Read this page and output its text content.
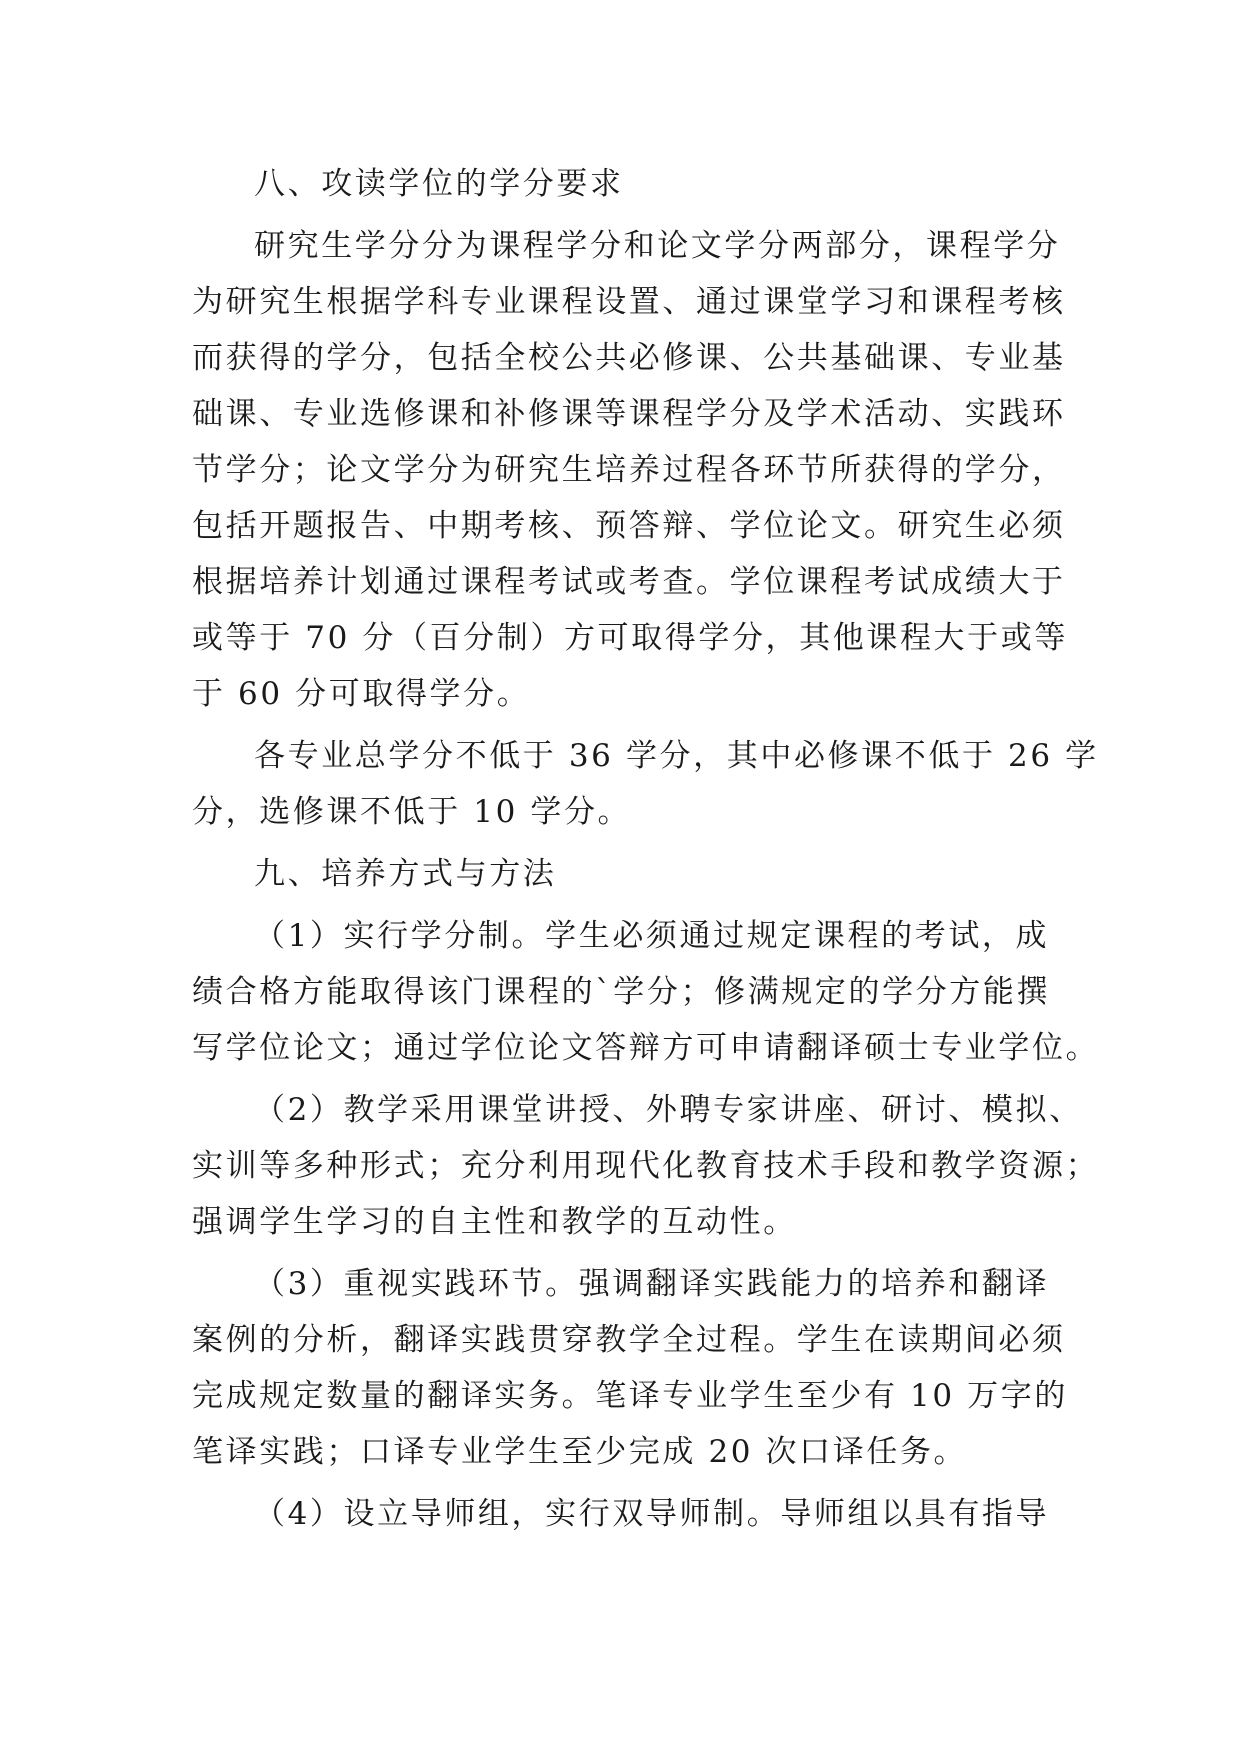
八、攻读学位的学分要求
研究生学分分为课程学分和论文学分两部分，课程学分
为研究生根据学科专业课程设置、通过课堂学习和课程考核
而获得的学分，包括全校公共必修课、公共基础课、专业基
础课、专业选修课和补修课等课程学分及学术活动、实践环
节学分；论文学分为研究生培养过程各环节所获得的学分，
包括开题报告、中期考核、预答辩、学位论文。研究生必须
根据培养计划通过课程考试或考查。学位课程考试成绩大于
或等于 70 分（百分制）方可取得学分，其他课程大于或等
于 60 分可取得学分。
各专业总学分不低于 36 学分，其中必修课不低于 26 学
分，选修课不低于 10 学分。
九、培养方式与方法
（1）实行学分制。学生必须通过规定课程的考试，成
绩合格方能取得该门课程的`学分；修满规定的学分方能撰
写学位论文；通过学位论文答辩方可申请翻译硕士专业学位。
（2）教学采用课堂讲授、外聘专家讲座、研讨、模拟、
实训等多种形式；充分利用现代化教育技术手段和教学资源；
强调学生学习的自主性和教学的互动性。
（3）重视实践环节。强调翻译实践能力的培养和翻译
案例的分析，翻译实践贯穿教学全过程。学生在读期间必须
完成规定数量的翻译实务。笔译专业学生至少有 10 万字的
笔译实践；口译专业学生至少完成 20 次口译任务。
（4）设立导师组，实行双导师制。导师组以具有指导
